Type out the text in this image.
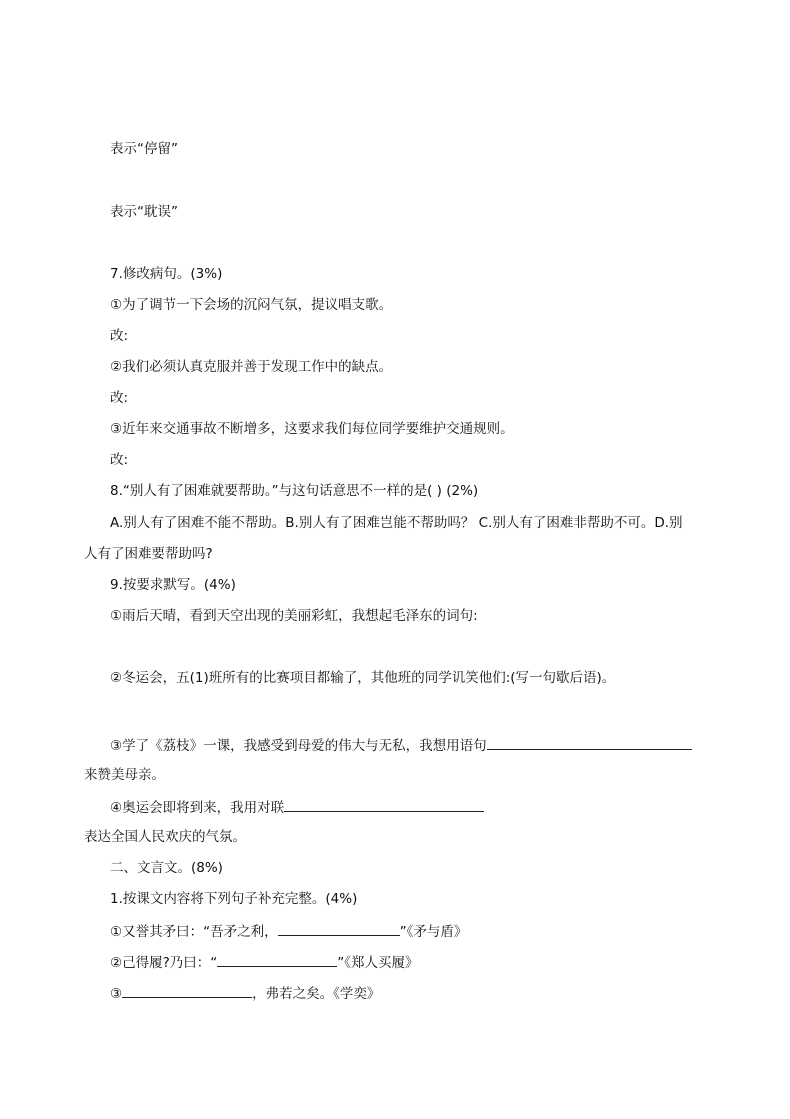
表示“停留”
表示“耽误”
7.修改病句。(3%)
①为了调节一下会场的沉闷气氛，提议唱支歌。
改:
②我们必须认真克服并善于发现工作中的缺点。
改:
③近年来交通事故不断增多，这要求我们每位同学要维护交通规则。
改:
8.“别人有了困难就要帮助。”与这句话意思不一样的是( ) (2%)
A.别人有了困难不能不帮助。B.别人有了困难岂能不帮助吗？ C.别人有了困难非帮助不可。D.别
人有了困难要帮助吗?
9.按要求默写。(4%)
①雨后天晴，看到天空出现的美丽彩虹，我想起毛泽东的词句:
②冬运会，五(1)班所有的比赛项目都输了，其他班的同学讥笑他们:(写一句歇后语)。
③学了《荔枝》一课，我感受到母爱的伟大与无私，我想用语句
来赞美母亲。
④奥运会即将到来，我用对联
表达全国人民欢庆的气氛。
二、文言文。(8%)
1.按课文内容将下列句子补充完整。(4%)
①又誉其矛曰：“吾矛之利，	”《矛与盾》
②己得履?乃曰：“	”《郑人买履》
③	，弗若之矣。《学奕》
